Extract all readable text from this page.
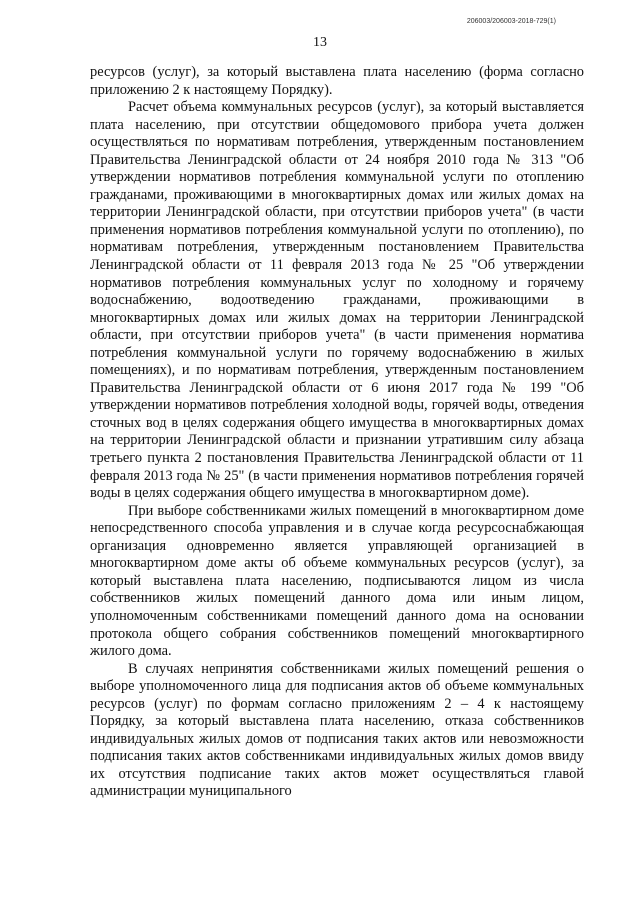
206003/206003-2018-729(1)
13

ресурсов (услуг), за который выставлена плата населению (форма согласно приложению 2 к настоящему Порядку).

Расчет объема коммунальных ресурсов (услуг), за который выставляется плата населению, при отсутствии общедомового прибора учета должен осуществляться по нормативам потребления, утвержденным постановлением Правительства Ленинградской области от 24 ноября 2010 года № 313 "Об утверждении нормативов потребления коммунальной услуги по отоплению гражданами, проживающими в многоквартирных домах или жилых домах на территории Ленинградской области, при отсутствии приборов учета" (в части применения нормативов потребления коммунальной услуги по отоплению), по нормативам потребления, утвержденным постановлением Правительства Ленинградской области от 11 февраля 2013 года № 25 "Об утверждении нормативов потребления коммунальных услуг по холодному и горячему водоснабжению, водоотведению гражданами, проживающими в многоквартирных домах или жилых домах на территории Ленинградской области, при отсутствии приборов учета" (в части применения норматива потребления коммунальной услуги по горячему водоснабжению в жилых помещениях), и по нормативам потребления, утвержденным постановлением Правительства Ленинградской области от 6 июня 2017 года № 199 "Об утверждении нормативов потребления холодной воды, горячей воды, отведения сточных вод в целях содержания общего имущества в многоквартирных домах на территории Ленинградской области и признании утратившим силу абзаца третьего пункта 2 постановления Правительства Ленинградской области от 11 февраля 2013 года № 25" (в части применения нормативов потребления горячей воды в целях содержания общего имущества в многоквартирном доме).

При выборе собственниками жилых помещений в многоквартирном доме непосредственного способа управления и в случае когда ресурсоснабжающая организация одновременно является управляющей организацией в многоквартирном доме акты об объеме коммунальных ресурсов (услуг), за который выставлена плата населению, подписываются лицом из числа собственников жилых помещений данного дома или иным лицом, уполномоченным собственниками помещений данного дома на основании протокола общего собрания собственников помещений многоквартирного жилого дома.

В случаях непринятия собственниками жилых помещений решения о выборе уполномоченного лица для подписания актов об объеме коммунальных ресурсов (услуг) по формам согласно приложениям 2 – 4 к настоящему Порядку, за который выставлена плата населению, отказа собственников индивидуальных жилых домов от подписания таких актов или невозможности подписания таких актов собственниками индивидуальных жилых домов ввиду их отсутствия подписание таких актов может осуществляться главой администрации муниципального
